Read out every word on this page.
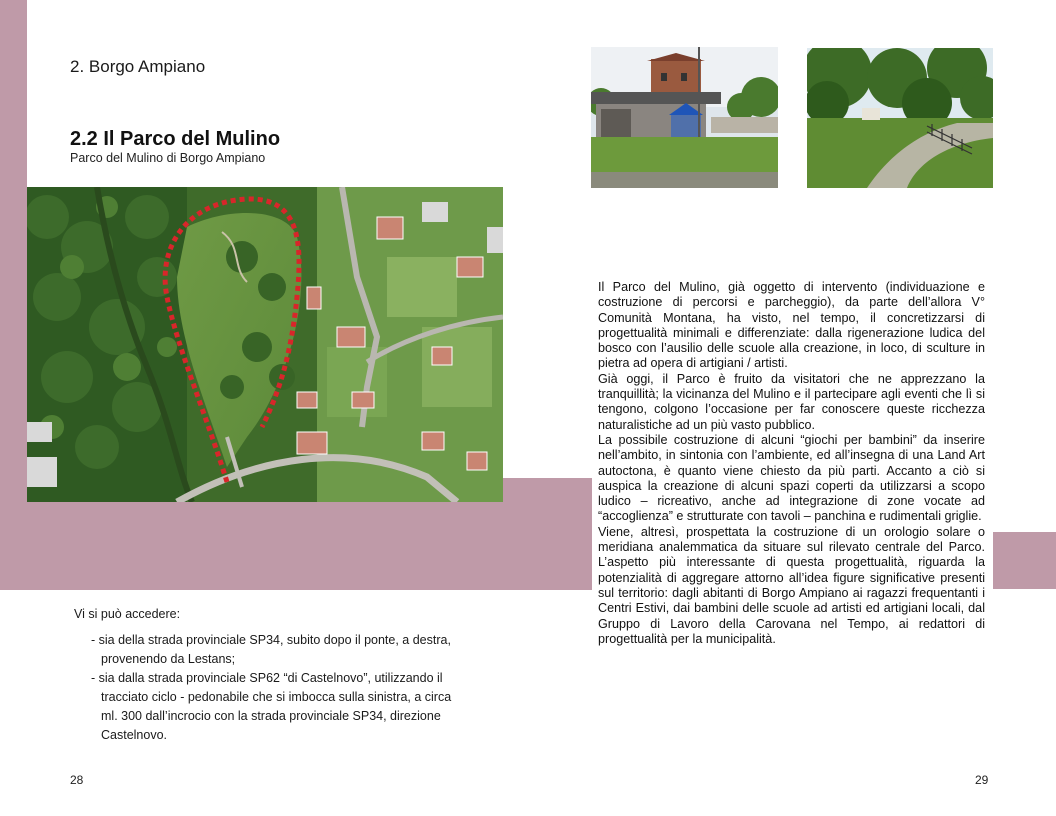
2. Borgo Ampiano
2.2 Il Parco del Mulino
Parco del Mulino di Borgo Ampiano
Vi si può accedere:
- sia della strada provinciale SP34, subito dopo il ponte, a destra, provenendo da Lestans;
- sia dalla strada provinciale SP62 “di Castelnovo”, utilizzando il tracciato ciclo - pedonabile che si imbocca sulla sinistra, a circa ml. 300 dall’incrocio con la strada provinciale SP34, direzione Castelnovo.
28

Il Parco del Mulino, già oggetto di intervento (individuazione e costruzione di percorsi e parcheggio), da parte dell’allora V° Comunità Montana, ha visto, nel tempo, il concretizzarsi di progettualità minimali e differenziate: dalla rigenerazione ludica del bosco con l’ausilio delle scuole alla creazione, in loco, di sculture in pietra ad opera di artigiani / artisti.

Già oggi, il Parco è fruito da visitatori che ne apprezzano la tranquillità; la vicinanza del Mulino e il partecipare agli eventi che lì si tengono, colgono l’occasione per far conoscere queste ricchezza naturalistiche ad un più vasto pubblico.

La possibile costruzione di alcuni “giochi per bambini” da inserire nell’ambito, in sintonia con l’ambiente, ed all’insegna di una Land Art autoctona, è quanto viene chiesto da più parti. Accanto a ciò si auspica la creazione di alcuni spazi coperti da utilizzarsi a scopo ludico – ricreativo, anche ad integrazione di zone vocate ad “accoglienza” e strutturate con tavoli – panchina e rudimentali griglie.

Viene, altresì, prospettata la costruzione di un orologio solare o meridiana analemmatica da situare sul rilevato centrale del Parco. L’aspetto più interessante di questa progettualità, riguarda la potenzialità di aggregare attorno all’idea figure significative presenti sul territorio: dagli abitanti di Borgo Ampiano ai ragazzi frequentanti i Centri Estivi, dai bambini delle scuole ad artisti ed artigiani locali, dal Gruppo di Lavoro della Carovana nel Tempo, ai redattori di progettualità per la municipalità.

29
